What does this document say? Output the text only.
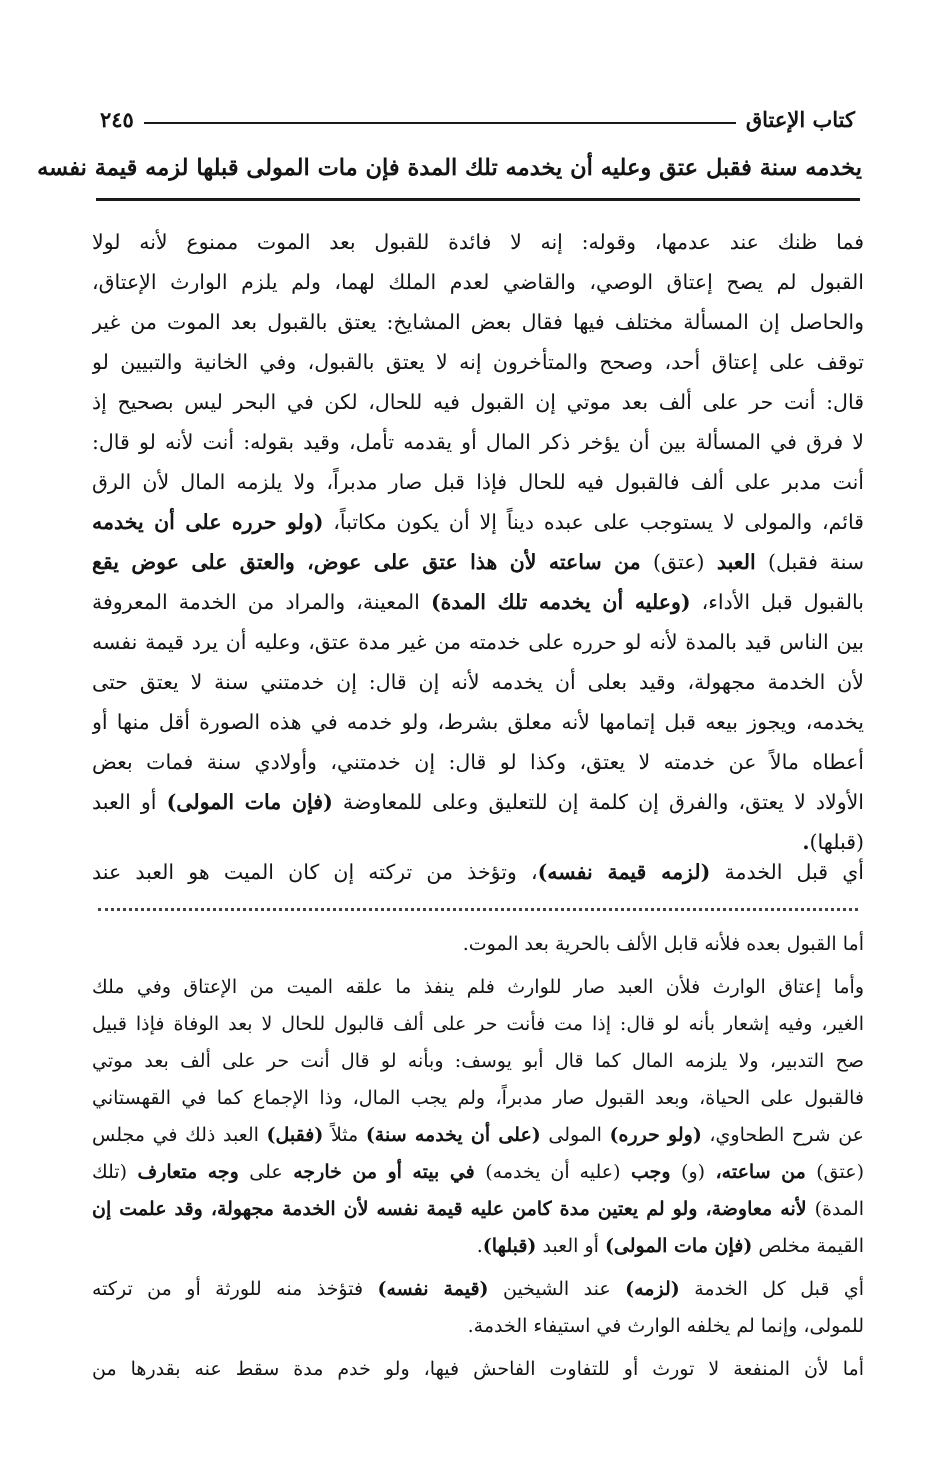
كتاب الإعتاق
٢٤٥
يخدمه سنة فقبل عتق وعليه أن يخدمه تلك المدة فإن مات المولى قبلها لزمه قيمة نفسه
فما ظنك عند عدمها، وقوله: إنه لا فائدة للقبول بعد الموت ممنوع لأنه لولا
القبول لم يصح إعتاق الوصي، والقاضي لعدم الملك لهما، ولم يلزم الوارث الإعتاق،
والحاصل إن المسألة مختلف فيها فقال بعض المشايخ: يعتق بالقبول بعد الموت من غير
توقف على إعتاق أحد، وصحح والمتأخرون إنه لا يعتق بالقبول، وفي الخانية والتبيين لو
قال: أنت حر على ألف بعد موتي إن القبول فيه للحال، لكن في البحر ليس بصحيح إذ
لا فرق في المسألة بين أن يؤخر ذكر المال أو يقدمه تأمل، وقيد بقوله: أنت لأنه لو قال:
أنت مدبر على ألف فالقبول فيه للحال فإذا قبل صار مدبراً، ولا يلزمه المال لأن الرق
قائم، والمولى لا يستوجب على عبده ديناً إلا أن يكون مكاتباً، (ولو حرره على أن يخدمه
سنة فقبل) العبد (عتق) من ساعته لأن هذا عتق على عوض، والعتق على عوض يقع
بالقبول قبل الأداء، (وعليه أن يخدمه تلك المدة) المعينة، والمراد من الخدمة المعروفة
بين الناس قيد بالمدة لأنه لو حرره على خدمته من غير مدة عتق، وعليه أن يرد قيمة نفسه
لأن الخدمة مجهولة، وقيد بعلى أن يخدمه لأنه إن قال: إن خدمتني سنة لا يعتق حتى
يخدمه، ويجوز بيعه قبل إتمامها لأنه معلق بشرط، ولو خدمه في هذه الصورة أقل منها أو
أعطاه مالاً عن خدمته لا يعتق، وكذا لو قال: إن خدمتني، وأولادي سنة فمات بعض
الأولاد لا يعتق، والفرق إن كلمة إن للتعليق وعلى للمعاوضة (فإن مات المولى) أو العبد
(قبلها).
أي قبل الخدمة (لزمه قيمة نفسه)، وتؤخذ من تركته إن كان الميت هو العبد عند
أما القبول بعده فلأنه قابل الألف بالحرية بعد الموت.
وأما إعتاق الوارث فلأن العبد صار للوارث فلم ينفذ ما علقه الميت من الإعتاق وفي ملك
الغير، وفيه إشعار بأنه لو قال: إذا مت فأنت حر على ألف قالبول للحال لا بعد الوفاة فإذا قبيل
صح التدبير، ولا يلزمه المال كما قال أبو يوسف: وبأنه لو قال أنت حر على ألف بعد موتي
فالقبول على الحياة، وبعد القبول صار مدبراً، ولم يجب المال، وذا الإجماع كما في القهستاني
عن شرح الطحاوي، (ولو حرره) المولى (على أن يخدمه سنة) مثلاً (فقبل) العبد ذلك في مجلس
(عتق) من ساعته، (و) وجب (عليه أن يخدمه) في بيته أو من خارجه على وجه متعارف (تلك
المدة) لأنه معاوضة، ولو لم يعتين مدة كامن عليه قيمة نفسه لأن الخدمة مجهولة، وقد علمت إن
القيمة مخلص (فإن مات المولى) أو العبد (قبلها).
أي قبل كل الخدمة (لزمه) عند الشيخين (قيمة نفسه) فتؤخذ منه للورثة أو من تركته
للمولى، وإنما لم يخلفه الوارث في استيفاء الخدمة.
أما لأن المنفعة لا تورث أو للتفاوت الفاحش فيها، ولو خدم مدة سقط عنه بقدرها من
